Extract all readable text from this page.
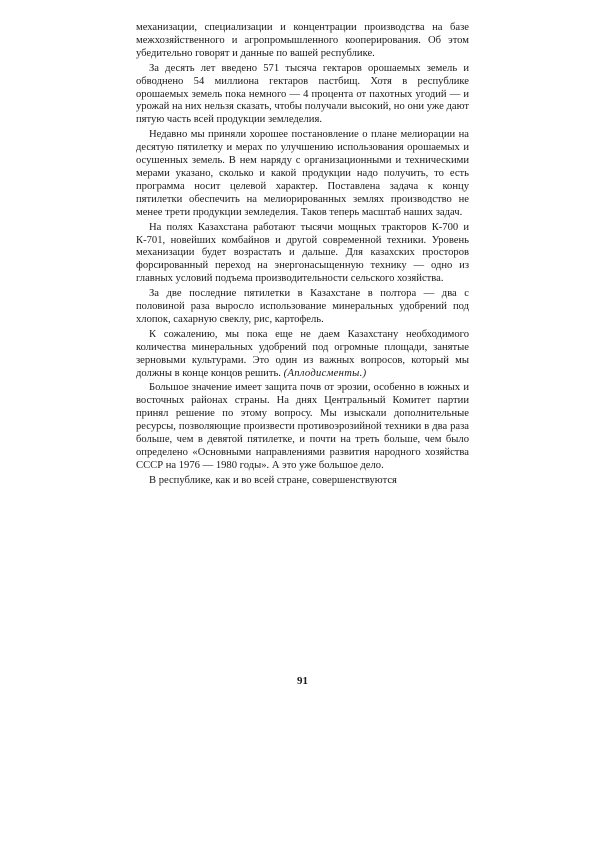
механизации, специализации и концентрации производства на базе межхозяйственного и агропромышленного кооперирования. Об этом убедительно говорят и данные по вашей республике.

За десять лет введено 571 тысяча гектаров орошаемых земель и обводнено 54 миллиона гектаров пастбищ. Хотя в республике орошаемых земель пока немного — 4 процента от пахотных угодий — и урожай на них нельзя сказать, чтобы получали высокий, но они уже дают пятую часть всей продукции земледелия.

Недавно мы приняли хорошее постановление о плане мелиорации на десятую пятилетку и мерах по улучшению использования орошаемых и осушенных земель. В нем наряду с организационными и техническими мерами указано, сколько и какой продукции надо получить, то есть программа носит целевой характер. Поставлена задача к концу пятилетки обеспечить на мелиорированных землях производство не менее трети продукции земледелия. Таков теперь масштаб наших задач.

На полях Казахстана работают тысячи мощных тракторов К-700 и К-701, новейших комбайнов и другой современной техники. Уровень механизации будет возрастать и дальше. Для казахских просторов форсированный переход на энергонасыщенную технику — одно из главных условий подъема производительности сельского хозяйства.

За две последние пятилетки в Казахстане в полтора — два с половиной раза выросло использование минеральных удобрений под хлопок, сахарную свеклу, рис, картофель.

К сожалению, мы пока еще не даем Казахстану необходимого количества минеральных удобрений под огромные площади, занятые зерновыми культурами. Это один из важных вопросов, который мы должны в конце концов решить. (Аплодисменты.)

Большое значение имеет защита почв от эрозии, особенно в южных и восточных районах страны. На днях Центральный Комитет партии принял решение по этому вопросу. Мы изыскали дополнительные ресурсы, позволяющие произвести противоэрозийной техники в два раза больше, чем в девятой пятилетке, и почти на треть больше, чем было определено «Основными направлениями развития народного хозяйства СССР на 1976 — 1980 годы». А это уже большое дело.

В республике, как и во всей стране, совершенствуются

91
